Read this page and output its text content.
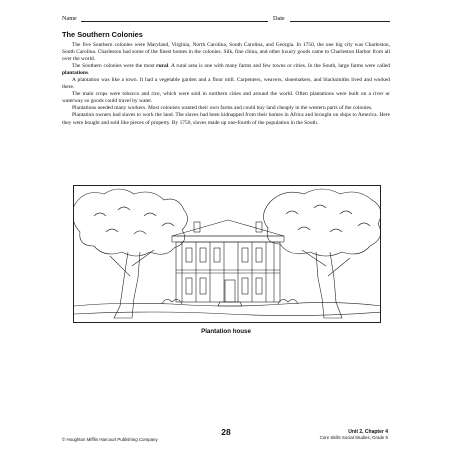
Name	Date
The Southern Colonies

The five Southern colonies were Maryland, Virginia, North Carolina, South Carolina, and Georgia. In 1750, the one big city was Charleston, South Carolina. Charleston had some of the finest homes in the colonies. Silk, fine china, and other luxury goods came to Charleston Harbor from all over the world.

The Southern colonies were the most rural. A rural area is one with many farms and few towns or cities. In the South, large farms were called plantations.

A plantation was like a town. It had a vegetable garden and a flour mill. Carpenters, weavers, shoemakers, and blacksmiths lived and worked there.

The main crops were tobacco and rice, which were sold in northern cities and around the world. Often plantations were built on a river or waterway so goods could travel by water.

Plantations needed many workers. Most colonists wanted their own farms and could buy land cheaply in the western parts of the colonies.

Plantation owners had slaves to work the land. The slaves had been kidnapped from their homes in Africa and brought on ships to America. Here they were bought and sold like pieces of property. By 1750, slaves made up one-fourth of the population in the South.

Plantation house
28
© Houghton Mifflin Harcourt Publishing Company
Unit 2, Chapter 4
Core Skills Social Studies, Grade 5
